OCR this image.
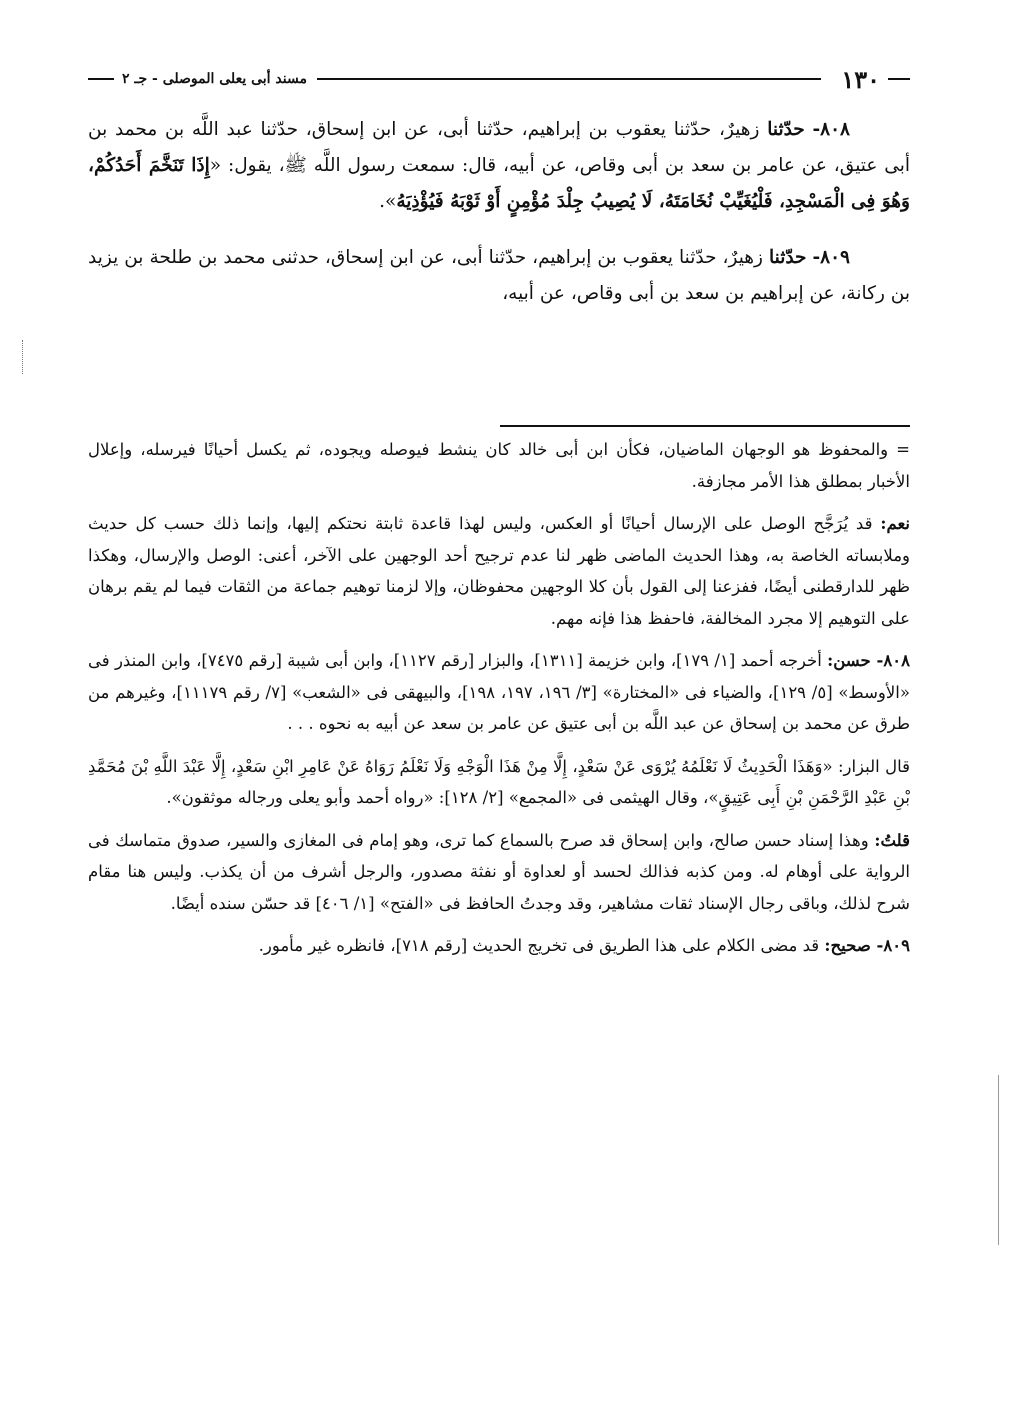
١٣٠
مسند أبى يعلى الموصلى - جـ ٢

٨٠٨- حدّثنا زهيرٌ، حدّثنا يعقوب بن إبراهيم، حدّثنا أبى، عن ابن إسحاق، حدّثنا عبد اللَّه بن محمد بن أبى عتيق، عن عامر بن سعد بن أبى وقاص، عن أبيه، قال: سمعت رسول اللَّه ﷺ، يقول: «إِذَا تَنَخَّمَ أَحَدُكُمْ، وَهُوَ فِى الْمَسْجِدِ، فَلْيُغَيِّبْ نُخَامَتَهُ، لَا يُصِيبُ جِلْدَ مُؤْمِنٍ أَوْ ثَوْبَهُ فَيُؤْذِيَهُ».

٨٠٩- حدّثنا زهيرٌ، حدّثنا يعقوب بن إبراهيم، حدّثنا أبى، عن ابن إسحاق، حدثنى محمد بن طلحة بن يزيد بن ركانة، عن إبراهيم بن سعد بن أبى وقاص، عن أبيه،

= والمحفوظ هو الوجهان الماضيان، فكأن ابن أبى خالد كان ينشط فيوصله ويجوده، ثم يكسل أحيانًا فيرسله، وإعلال الأخبار بمطلق هذا الأمر مجازفة.

نعم: قد يُرَجَّح الوصل على الإرسال أحيانًا أو العكس، وليس لهذا قاعدة ثابتة نحتكم إليها، وإنما ذلك حسب كل حديث وملابساته الخاصة به، وهذا الحديث الماضى ظهر لنا عدم ترجيح أحد الوجهين على الآخر، أعنى: الوصل والإرسال، وهكذا ظهر للدارقطنى أيضًا، ففزعنا إلى القول بأن كلا الوجهين محفوظان، وإلا لزمنا توهيم جماعة من الثقات فيما لم يقم برهان على التوهيم إلا مجرد المخالفة، فاحفظ هذا فإنه مهم.

٨٠٨- حسن: أخرجه أحمد [١/ ١٧٩]، وابن خزيمة [١٣١١]، والبزار [رقم ١١٢٧]، وابن أبى شيبة [رقم ٧٤٧٥]، وابن المنذر فى «الأوسط» [٥/ ١٢٩]، والضياء فى «المختارة» [٣/ ١٩٦، ١٩٧، ١٩٨]، والبيهقى فى «الشعب» [٧/ رقم ١١١٧٩]، وغيرهم من طرق عن محمد بن إسحاق عن عبد اللَّه بن أبى عتيق عن عامر بن سعد عن أبيه به نحوه . . .

قال البزار: «وَهَذَا الْحَدِيثُ لَا نَعْلَمُهُ يُرْوَى عَنْ سَعْدٍ، إِلَّا مِنْ هَذَا الْوَجْهِ وَلَا نَعْلَمُ رَوَاهُ عَنْ عَامِرِ ابْنِ سَعْدٍ، إِلَّا عَبْدَ اللَّهِ بْنَ مُحَمَّدِ بْنِ عَبْدِ الرَّحْمَنِ بْنِ أَبِى عَتِيقٍ»، وقال الهيثمى فى «المجمع» [٢/ ١٢٨]: «رواه أحمد وأبو يعلى ورجاله موثقون».

قلتُ: وهذا إسناد حسن صالح، وابن إسحاق قد صرح بالسماع كما ترى، وهو إمام فى المغازى والسير، صدوق متماسك فى الرواية على أوهام له. ومن كذبه فذالك لحسد أو لعداوة أو نفثة مصدور، والرجل أشرف من أن يكذب. وليس هنا مقام شرح لذلك، وباقى رجال الإسناد ثقات مشاهير، وقد وجدتُ الحافظ فى «الفتح» [١/ ٤٠٦] قد حسّن سنده أيضًا.

٨٠٩- صحيح: قد مضى الكلام على هذا الطريق فى تخريج الحديث [رقم ٧١٨]، فانظره غير مأمور.
